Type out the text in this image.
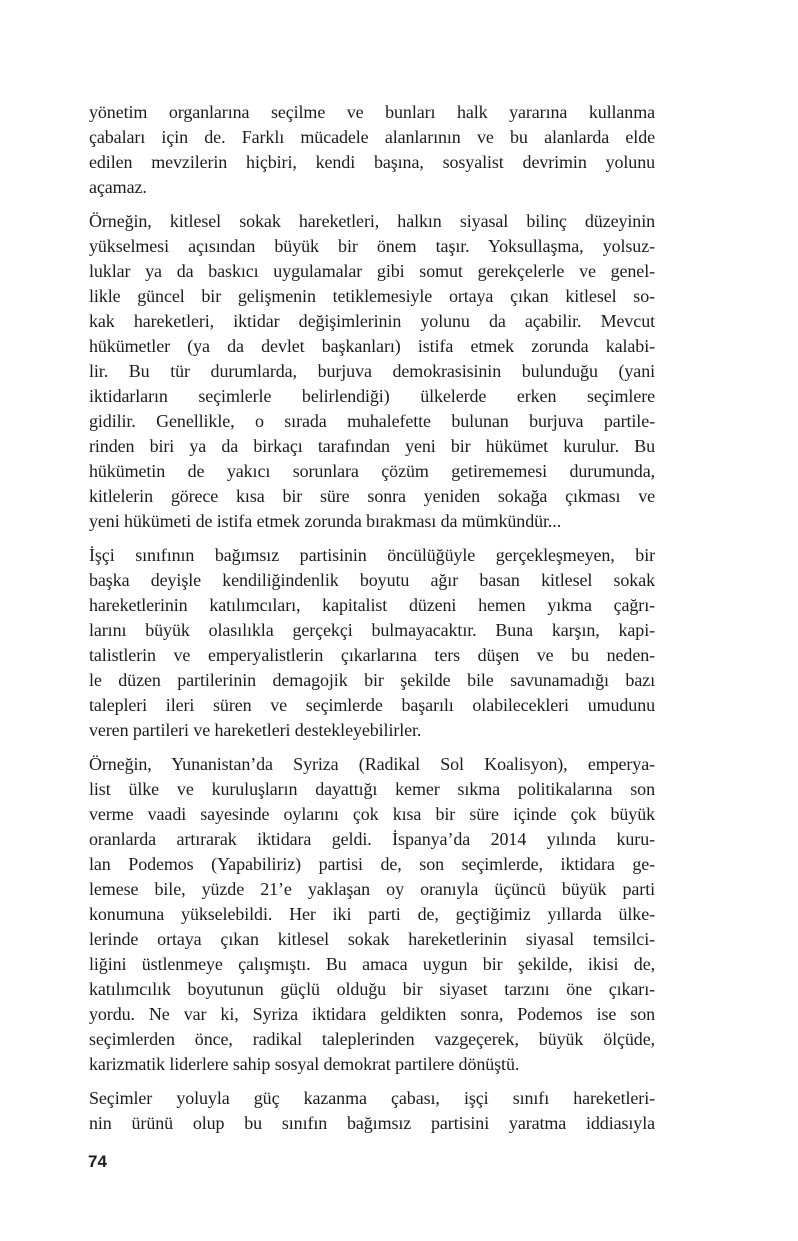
yönetim organlarına seçilme ve bunları halk yararına kullanma
çabaları için de. Farklı mücadele alanlarının ve bu alanlarda elde
edilen mevzilerin hiçbiri, kendi başına, sosyalist devrimin yolunu
açamaz.
Örneğin, kitlesel sokak hareketleri, halkın siyasal bilinç düzeyinin
yükselmesi açısından büyük bir önem taşır. Yoksullaşma, yolsuz-
luklar ya da baskıcı uygulamalar gibi somut gerekçelerle ve genel-
likle güncel bir gelişmenin tetiklemesiyle ortaya çıkan kitlesel so-
kak hareketleri, iktidar değişimlerinin yolunu da açabilir. Mevcut
hükümetler (ya da devlet başkanları) istifa etmek zorunda kalabi-
lir. Bu tür durumlarda, burjuva demokrasisinin bulunduğu (yani
iktidarların seçimlerle belirlendiği) ülkelerde erken seçimlere
gidilir. Genellikle, o sırada muhalefette bulunan burjuva partile-
rinden biri ya da birkaçı tarafından yeni bir hükümet kurulur. Bu
hükümetin de yakıcı sorunlara çözüm getirememesi durumunda,
kitlelerin görece kısa bir süre sonra yeniden sokağa çıkması ve
yeni hükümeti de istifa etmek zorunda bırakması da mümkündür...
İşçi sınıfının bağımsız partisinin öncülüğüyle gerçekleşmeyen, bir
başka deyişle kendiliğindenlik boyutu ağır basan kitlesel sokak
hareketlerinin katılımcıları, kapitalist düzeni hemen yıkma çağrı-
larını büyük olasılıkla gerçekçi bulmayacaktır. Buna karşın, kapi-
talistlerin ve emperyalistlerin çıkarlarına ters düşen ve bu neden-
le düzen partilerinin demagojik bir şekilde bile savunamadığı bazı
talepleri ileri süren ve seçimlerde başarılı olabilecekleri umudunu
veren partileri ve hareketleri destekleyebilirler.
Örneğin, Yunanistan’da Syriza (Radikal Sol Koalisyon), emperya-
list ülke ve kuruluşların dayattığı kemer sıkma politikalarına son
verme vaadi sayesinde oylarını çok kısa bir süre içinde çok büyük
oranlarda artırarak iktidara geldi. İspanya’da 2014 yılında kuru-
lan Podemos (Yapabiliriz) partisi de, son seçimlerde, iktidara ge-
lemese bile, yüzde 21’e yaklaşan oy oranıyla üçüncü büyük parti
konumuna yükselebildi. Her iki parti de, geçtiğimiz yıllarda ülke-
lerinde ortaya çıkan kitlesel sokak hareketlerinin siyasal temsilci-
liğini üstlenmeye çalışmıştı. Bu amaca uygun bir şekilde, ikisi de,
katılımcılık boyutunun güçlü olduğu bir siyaset tarzını öne çıkarı-
yordu. Ne var ki, Syriza iktidara geldikten sonra, Podemos ise son
seçimlerden önce, radikal taleplerinden vazgeçerek, büyük ölçüde,
karizmatik liderlere sahip sosyal demokrat partilere dönüştü.
Seçimler yoluyla güç kazanma çabası, işçi sınıfı hareketleri-
nin ürünü olup bu sınıfın bağımsız partisini yaratma iddiasıyla
74
